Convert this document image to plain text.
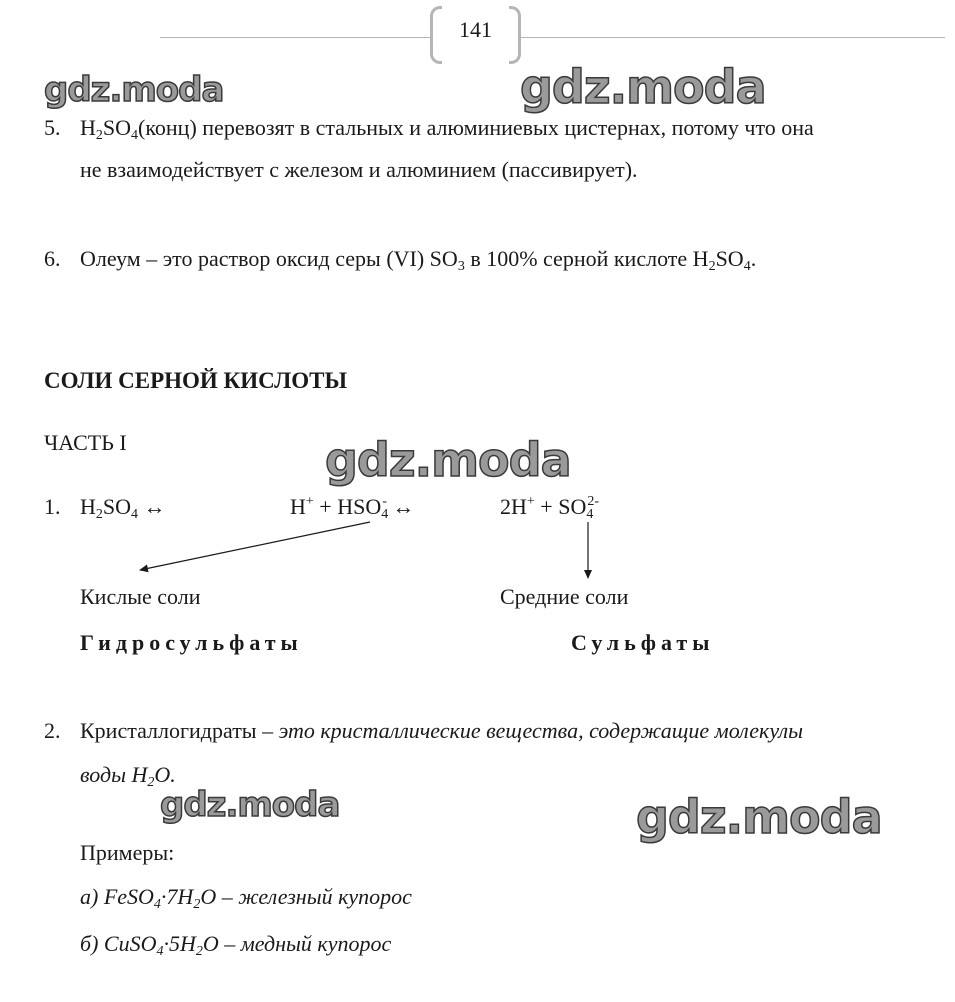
141
gdz.moda	gdz.moda
gdz.moda
gdz.moda	gdz.moda
5. $H_2SO_4(конц)$ перевозят в стальных и алюминиевых цистернах, потому что она
не взаимодействует с железом и алюминием (пассивирует).
6. Олеум – это раствор оксид серы (VI) $SO_3$ в 100% серной кислоте $H_2SO_4$.
СОЛИ СЕРНОЙ КИСЛОТЫ
ЧАСТЬ I
1. $H_2SO_4$ ↔	$H^+ + HSO_4^-$ ↔	$2H^+ + SO_4^{2-}$
Кислые соли	Средние соли
Гидросульфаты	Сульфаты
2. Кристаллогидраты – это кристаллические вещества, содержащие молекулы
воды $H_2O$.
Примеры:
а) $FeSO_4\cdot 7H_2O$ – железный купорос
б) $CuSO_4\cdot 5H_2O$ – медный купорос
